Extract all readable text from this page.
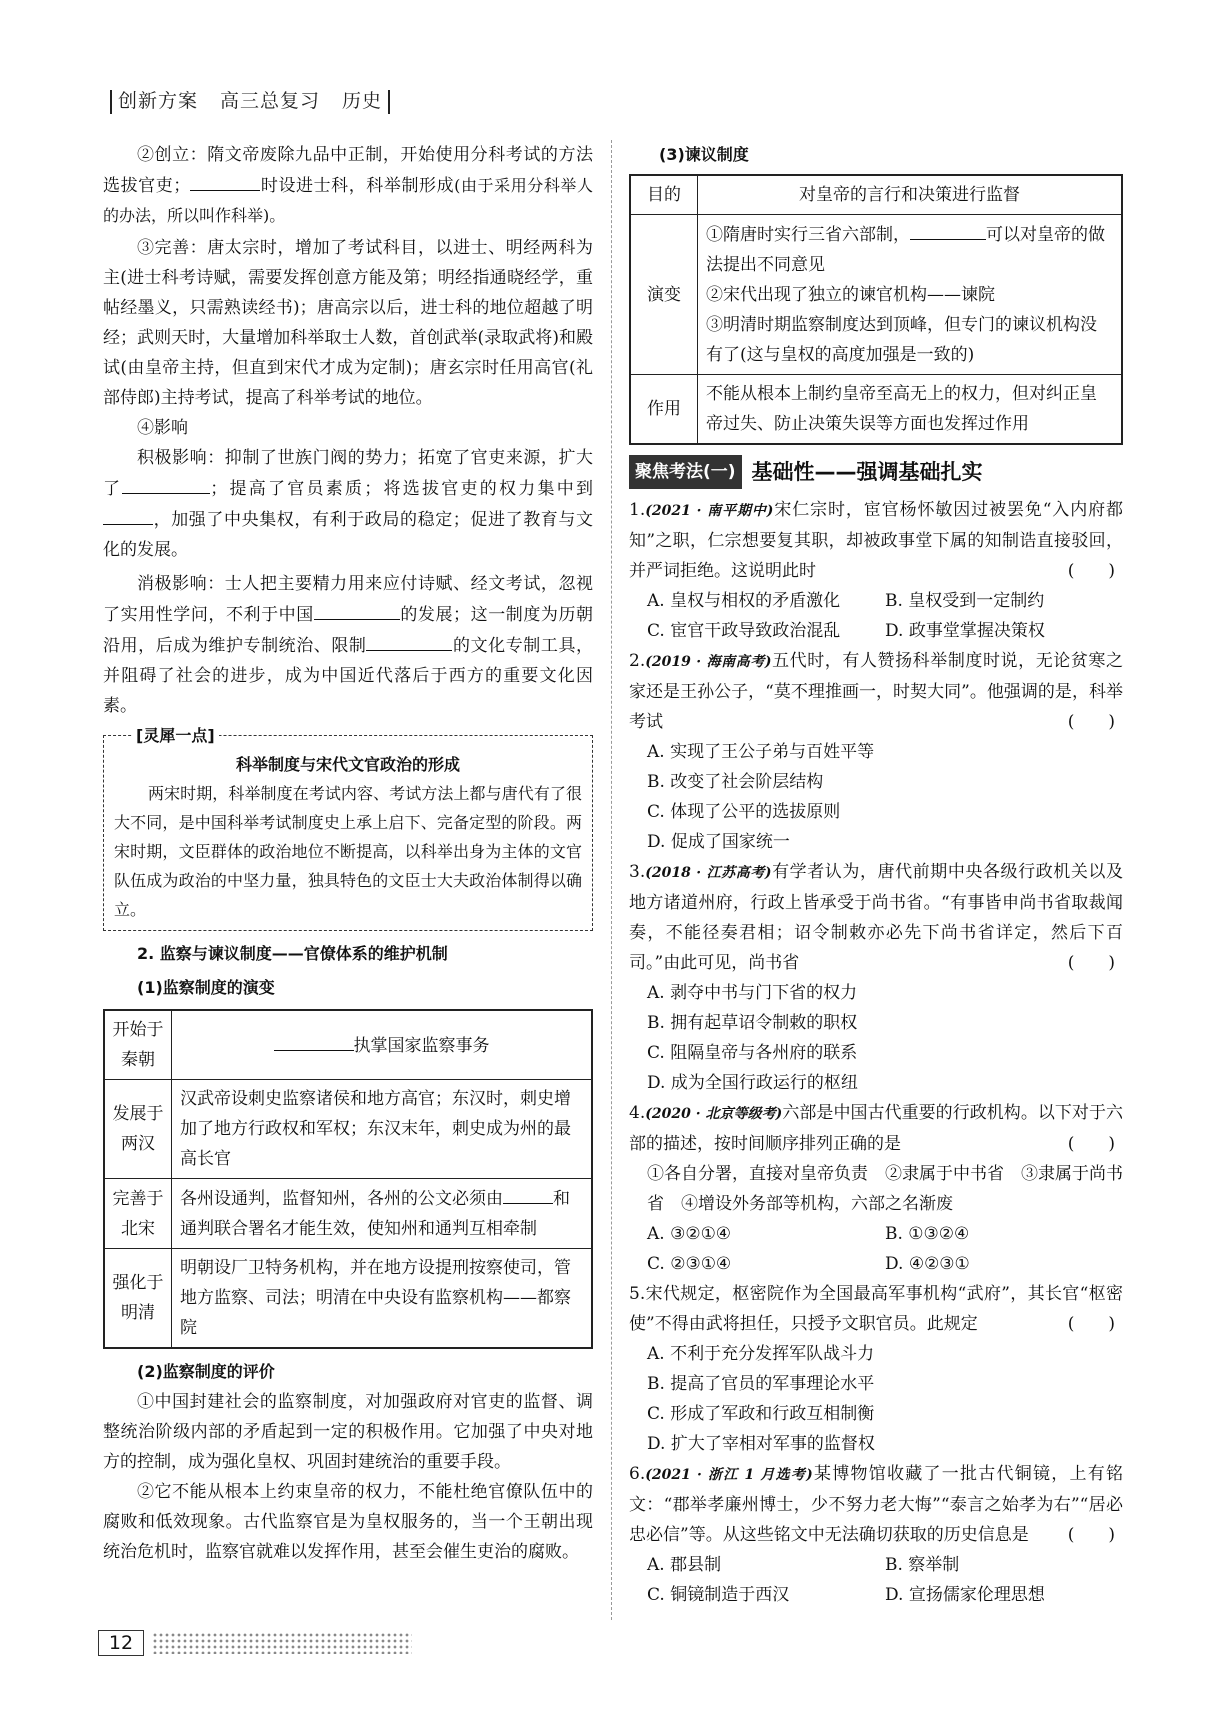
创新方案 高三总复习 历史

②创立：隋文帝废除九品中正制，开始使用分科考试的方法选拔官吏；	时设进士科，科举制形成(由于采用分科举人的办法，所以叫作科举)。

③完善：唐太宗时，增加了考试科目，以进士、明经两科为主(进士科考诗赋，需要发挥创意方能及第；明经指通晓经学，重帖经墨义，只需熟读经书)；唐高宗以后，进士科的地位超越了明经；武则天时，大量增加科举取士人数，首创武举(录取武将)和殿试(由皇帝主持，但直到宋代才成为定制)；唐玄宗时任用高官(礼部侍郎)主持考试，提高了科举考试的地位。

④影响

积极影响：抑制了世族门阀的势力；拓宽了官吏来源，扩大了	；提高了官员素质；将选拔官吏的权力集中到，加强了中央集权，有利于政局的稳定；促进了教育与文化的发展。

消极影响：士人把主要精力用来应付诗赋、经文考试，忽视了实用性学问，不利于中国	的发展；这一制度为历朝沿用，后成为维护专制统治、限制	的文化专制工具，并阻碍了社会的进步，成为中国近代落后于西方的重要文化因素。

[灵犀一点]
科举制度与宋代文官政治的形成

两宋时期，科举制度在考试内容、考试方法上都与唐代有了很大不同，是中国科举考试制度史上承上启下、完备定型的阶段。两宋时期，文臣群体的政治地位不断提高，以科举出身为主体的文官队伍成为政治的中坚力量，独具特色的文臣士大夫政治体制得以确立。

2. 监察与谏议制度——官僚体系的维护机制

(1)监察制度的演变

开始于秦朝	执掌国家监察事务
发展于两汉	汉武帝设刺史监察诸侯和地方高官；东汉时，刺史增加了地方行政权和军权；东汉末年，刺史成为州的最高长官
完善于北宋	各州设通判，监督知州，各州的公文必须由 和通判联合署名才能生效，使知州和通判互相牵制
强化于明清	明朝设厂卫特务机构，并在地方设提刑按察使司，管地方监察、司法；明清在中央设有监察机构——都察院

(2)监察制度的评价

①中国封建社会的监察制度，对加强政府对官吏的监督、调整统治阶级内部的矛盾起到一定的积极作用。它加强了中央对地方的控制，成为强化皇权、巩固封建统治的重要手段。

②它不能从根本上约束皇帝的权力，不能杜绝官僚队伍中的腐败和低效现象。古代监察官是为皇权服务的，当一个王朝出现统治危机时，监察官就难以发挥作用，甚至会催生吏治的腐败。

(3)谏议制度

目的	对皇帝的言行和决策进行监督
演变	①隋唐时实行三省六部制， 可以对皇帝的做法提出不同意见
②宋代出现了独立的谏官机构——谏院
③明清时期监察制度达到顶峰，但专门的谏议机构没有了(这与皇权的高度加强是一致的)

作用	不能从根本上制约皇帝至高无上的权力，但对纠正皇帝过失、防止决策失误等方面也发挥过作用
聚焦考法(一) 基础性——强调基础扎实

1.(2021 · 南平期中)宋仁宗时，宦官杨怀敏因过被罢免“入内府都知”之职，仁宗想要复其职，却被政事堂下属的知制诰直接驳回，并严词拒绝。这说明此时	(　　)

A. 皇权与相权的矛盾激化	B. 皇权受到一定制约
C. 宦官干政导致政治混乱	D. 政事堂掌握决策权

2.(2019 · 海南高考)五代时，有人赞扬科举制度时说，无论贫寒之家还是王孙公子，“莫不理推画一，时契大同”。他强调的是，科举考试	(　　)

A. 实现了王公子弟与百姓平等

B. 改变了社会阶层结构

C. 体现了公平的选拔原则

D. 促成了国家统一

3.(2018 · 江苏高考)有学者认为，唐代前期中央各级行政机关以及地方诸道州府，行政上皆承受于尚书省。“有事皆申尚书省取裁闻奏，不能径奏君相；诏令制敕亦必先下尚书省详定，然后下百司。”由此可见，尚书省	(　　)

A. 剥夺中书与门下省的权力

B. 拥有起草诏令制敕的职权

C. 阻隔皇帝与各州府的联系

D. 成为全国行政运行的枢纽

4.(2020 · 北京等级考)六部是中国古代重要的行政机构。以下对于六部的描述，按时间顺序排列正确的是	(　　)

①各自分署，直接对皇帝负责　②隶属于中书省　③隶属于尚书省　④增设外务部等机构，六部之名渐废

A. ③②①④	B. ①③②④
C. ②③①④	D. ④②③①

5.宋代规定，枢密院作为全国最高军事机构“武府”，其长官“枢密使”不得由武将担任，只授予文职官员。此规定	(　　)

A. 不利于充分发挥军队战斗力

B. 提高了官员的军事理论水平

C. 形成了军政和行政互相制衡

D. 扩大了宰相对军事的监督权

6.(2021 · 浙江 1 月选考)某博物馆收藏了一批古代铜镜，上有铭文：“郡举孝廉州博士，少不努力老大悔”“泰言之始孝为右”“居必忠必信”等。从这些铭文中无法确切获取的历史信息是 (　　)

A. 郡县制	B. 察举制
C. 铜镜制造于西汉	D. 宣扬儒家伦理思想
12
